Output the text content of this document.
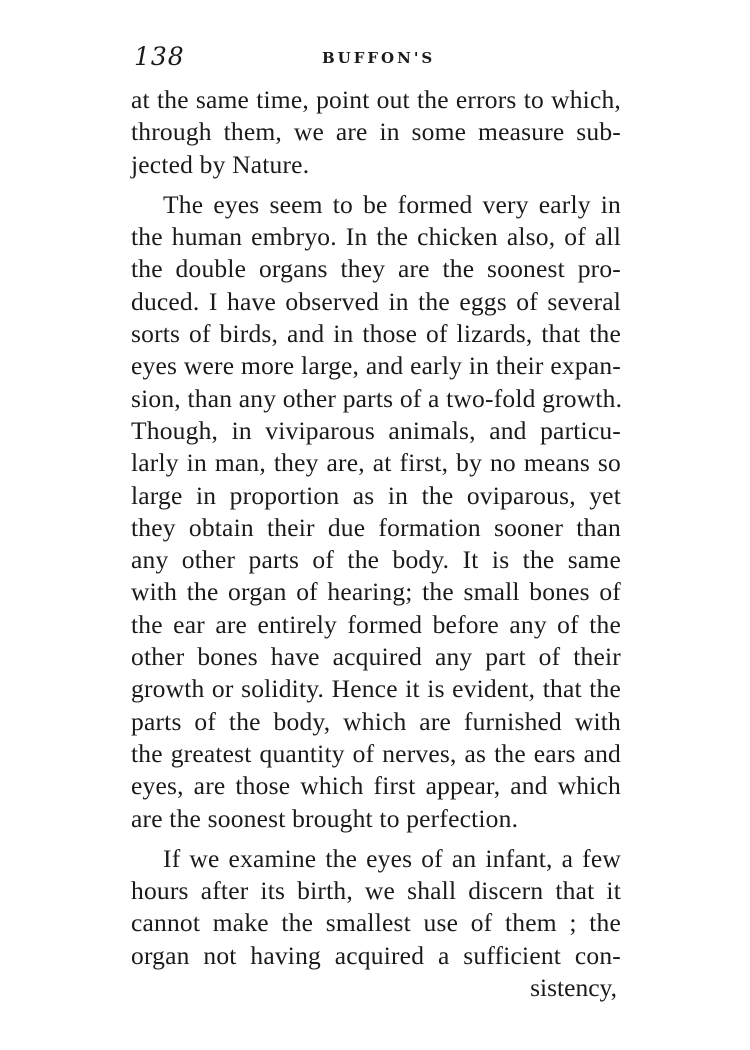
138	BUFFON'S
at the same time, point out the errors to which,
through them, we are in some measure sub-
jected by Nature.
The eyes seem to be formed very early in
the human embryo. In the chicken also, of all
the double organs they are the soonest pro-
duced. I have observed in the eggs of several
sorts of birds, and in those of lizards, that the
eyes were more large, and early in their expan-
sion, than any other parts of a two-fold growth.
Though, in viviparous animals, and particu-
larly in man, they are, at first, by no means so
large in proportion as in the oviparous, yet
they obtain their due formation sooner than
any other parts of the body. It is the same
with the organ of hearing; the small bones of
the ear are entirely formed before any of the
other bones have acquired any part of their
growth or solidity. Hence it is evident, that the
parts of the body, which are furnished with
the greatest quantity of nerves, as the ears and
eyes, are those which first appear, and which
are the soonest brought to perfection.
If we examine the eyes of an infant, a few
hours after its birth, we shall discern that it
cannot make the smallest use of them ; the
organ not having acquired a sufficient con-
sistency,
